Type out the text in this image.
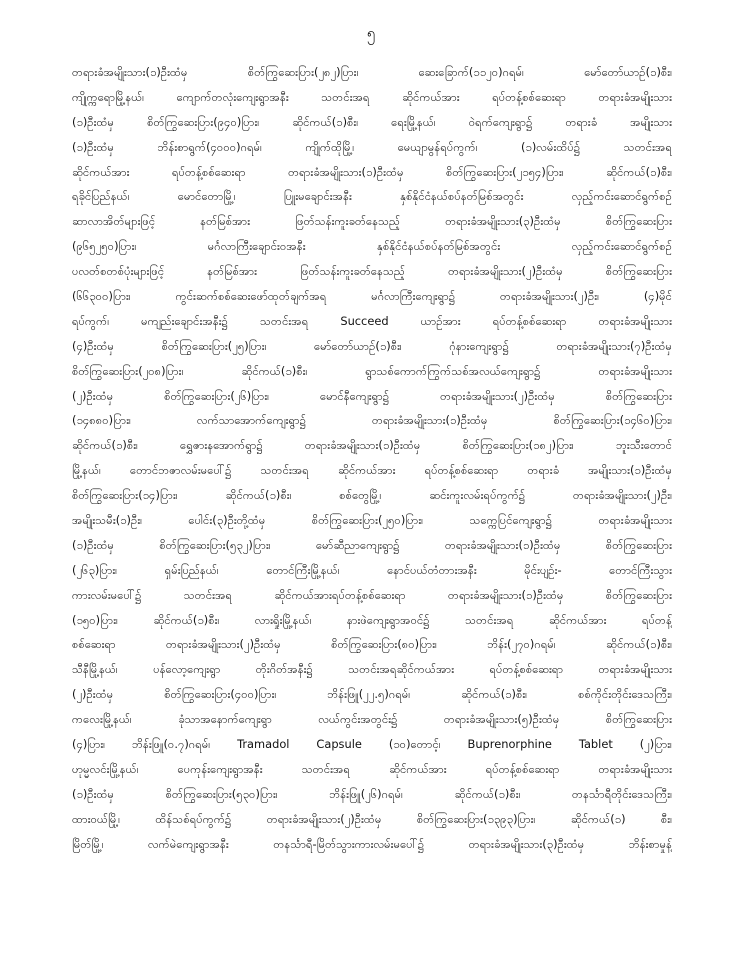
၅
တရားခံအမျိုးသား(၁)ဦးထံမှ စိတ်ကြွဆေးပြား(၂၈၂)ပြား၊ ဆေးခြောက်(၁၁၂၀)ဂရမ်၊ မော်တော်ယာဉ်(၁)စီး၊
ကျိုက္ကရောမြို့နယ်၊ ကျောက်တလုံးကျေးရွာအနီး သတင်းအရ ဆိုင်ကယ်အား ရပ်တန့်စစ်ဆေးရာ တရားခံအမျိုးသား
(၁)ဦးထံမှ စိတ်ကြွဆေးပြား(၉၄၀)ပြား၊ ဆိုင်ကယ်(၁)စီး၊ ရေးမြို့နယ်၊ ဝဲရက်ကျေးရွာ၌ တရားခံ အမျိုးသား
(၁)ဦးထံမှ ဘိန်းစာရွက်(၄၀၀၀)ဂရမ်၊ ကျိုက်ထိုမြို့၊ မေယျာမွန်ရပ်ကွက်၊ (၁)လမ်းထိပ်၌ သတင်းအရ
ဆိုင်ကယ်အား ရပ်တန့်စစ်ဆေးရာ တရားခံအမျိုးသား(၁)ဦးထံမှ စိတ်ကြွဆေးပြား(၂၁၅၄)ပြား၊ ဆိုင်ကယ်(၁)စီး၊
ရခိုင်ပြည်နယ်၊ မောင်တောမြို့၊ ပြူးမချောင်းအနီး နှစ်နိုင်ငံနယ်စပ်နတ်မြစ်အတွင်း လှည့်ကင်းဆောင်ရွက်စဉ်
ဆာလာအိတ်များဖြင့် နတ်မြစ်အား ဖြတ်သန်းကူးခတ်နေသည့် တရားခံအမျိုးသား(၃)ဦးထံမှ စိတ်ကြွဆေးပြား
(၉၆၅၂၅၀)ပြား၊ မင်္ဂလာကြီးချောင်းဝအနီး နှစ်နိုင်ငံနယ်စပ်နတ်မြစ်အတွင်း လှည့်ကင်းဆောင်ရွက်စဉ်
ပလတ်စတစ်ပုံးများဖြင့် နတ်မြစ်အား ဖြတ်သန်းကူးခတ်နေသည့် တရားခံအမျိုးသား(၂)ဦးထံမှ စိတ်ကြွဆေးပြား
(၆၆၃၀၀)ပြား၊ ကွင်းဆက်စစ်ဆေးဖော်ထုတ်ချက်အရ မင်္ဂလာကြီးကျေးရွာ၌ တရားခံအမျိုးသား(၂)ဦး၊ (၄)မိုင်
ရပ်ကွက်၊ မကျည်းချောင်းအနီး၌ သတင်းအရ Succeed ယာဉ်အား ရပ်တန့်စစ်ဆေးရာ တရားခံအမျိုးသား
(၄)ဦးထံမှ စိတ်ကြွဆေးပြား(၂၅)ပြား၊ မော်တော်ယာဉ်(၁)စီး၊ ဂုံနားကျေးရွာ၌ တရားခံအမျိုးသား(၇)ဦးထံမှ
စိတ်ကြွဆေးပြား(၂၀၈)ပြား၊ ဆိုင်ကယ်(၁)စီး၊ ရွာသစ်ကောက်ကြွက်သစ်အလယ်ကျေးရွာ၌ တရားခံအမျိုးသား
(၂)ဦးထံမှ စိတ်ကြွဆေးပြား(၂၆)ပြား၊ မောင်နီကျေးရွာ၌ တရားခံအမျိုးသား(၂)ဦးထံမှ စိတ်ကြွဆေးပြား
(၁၄၈၈၀)ပြား၊ လက်သာအောက်ကျေးရွာ၌ တရားခံအမျိုးသား(၁)ဦးထံမှ စိတ်ကြွဆေးပြား(၁၄၆၀)ပြား၊
ဆိုင်ကယ်(၁)စီး၊ ရွှေဇားနအောက်ရွာ၌ တရားခံအမျိုးသား(၁)ဦးထံမှ စိတ်ကြွဆေးပြား(၁၈၂)ပြား၊ ဘူးသီးတောင်
မြို့နယ်၊ တောင်ဘဇာလမ်းမပေါ်၌ သတင်းအရ ဆိုင်ကယ်အား ရပ်တန့်စစ်ဆေးရာ တရားခံ အမျိုးသား(၁)ဦးထံမှ
စိတ်ကြွဆေးပြား(၁၄)ပြား၊ ဆိုင်ကယ်(၁)စီး၊ စစ်တွေမြို့၊ ဆင်းကူးလမ်းရပ်ကွက်၌ တရားခံအမျိုးသား(၂)ဦး၊
အမျိုးသမီး(၁)ဦး၊ ပေါင်း(၃)ဦးတို့ထံမှ စိတ်ကြွဆေးပြား(၂၅၀)ပြား၊ သက္ကေပြင်ကျေးရွာ၌ တရားခံအမျိုးသား
(၁)ဦးထံမှ စိတ်ကြွဆေးပြား(၅၃၂)ပြား၊ မော်ဆီညာကျေးရွာ၌ တရားခံအမျိုးသား(၁)ဦးထံမှ စိတ်ကြွဆေးပြား
(၂၆၃)ပြား၊ ရှမ်းပြည်နယ်၊ တောင်ကြီးမြို့နယ်၊ နောင်ပယ်တံတားအနီး မိုင်းပျဉ်း- တောင်ကြီးသွား
ကားလမ်းမပေါ်၌ သတင်းအရ ဆိုင်ကယ်အားရပ်တန့်စစ်ဆေးရာ တရားခံအမျိုးသား(၁)ဦးထံမှ စိတ်ကြွဆေးပြား
(၁၅၀)ပြား၊ ဆိုင်ကယ်(၁)စီး၊ လားရှိုးမြို့နယ်၊ နားဖဲကျေးရွာအဝင်၌ သတင်းအရ ဆိုင်ကယ်အား ရပ်တန့်
စစ်ဆေးရာ တရားခံအမျိုးသား(၂)ဦးထံမှ စိတ်ကြွဆေးပြား(၈၀)ပြား၊ ဘိန်း(၂၇၀)ဂရမ်၊ ဆိုင်ကယ်(၁)စီး၊
သီနီမြို့နယ်၊ ပန်လော့ကျေးရွာ တိုးဂိတ်အနီး၌ သတင်းအရဆိုင်ကယ်အား ရပ်တန့်စစ်ဆေးရာ တရားခံအမျိုးသား
(၂)ဦးထံမှ စိတ်ကြွဆေးပြား(၄၀၀)ပြား၊ ဘိန်းဖြူ(၂၂.၅)ဂရမ်၊ ဆိုင်ကယ်(၁)စီး၊ စစ်ကိုင်းတိုင်းဒေသကြီး၊
ကလေးမြို့နယ်၊ ခုံသာအနောက်ကျေးရွာ လယ်ကွင်းအတွင်း၌ တရားခံအမျိုးသား(၅)ဦးထံမှ စိတ်ကြွဆေးပြား
(၄)ပြား၊ ဘိန်းဖြူ(၀.၇)ဂရမ်၊ Tramadol Capsule (၁၀)တောင့်၊ Buprenorphine Tablet (၂)ပြား၊
ဟုမ္မလင်းမြို့နယ်၊ ပေကုန်းကျေးရွာအနီး သတင်းအရ ဆိုင်ကယ်အား ရပ်တန့်စစ်ဆေးရာ တရားခံအမျိုးသား
(၁)ဦးထံမှ စိတ်ကြွဆေးပြား(၅၃၀)ပြား၊ ဘိန်းဖြူ(၂၆)ဂရမ်၊ ဆိုင်ကယ်(၁)စီး၊ တနင်္သာရီတိုင်းဒေသကြီး၊
ထားဝယ်မြို့၊ ထိန်သစ်ရပ်ကွက်၌ တရားခံအမျိုးသား(၂)ဦးထံမှ စိတ်ကြွဆေးပြား(၁၃၉၃)ပြား၊ ဆိုင်ကယ်(၁) စီး၊
မြိတ်မြို့၊ လက်မဲကျေးရွာအနီး တနင်္သာရီ-မြိတ်သွားကားလမ်းမပေါ်၌ တရားခံအမျိုးသား(၃)ဦးထံမှ ဘိန်းစာမှုန့်
